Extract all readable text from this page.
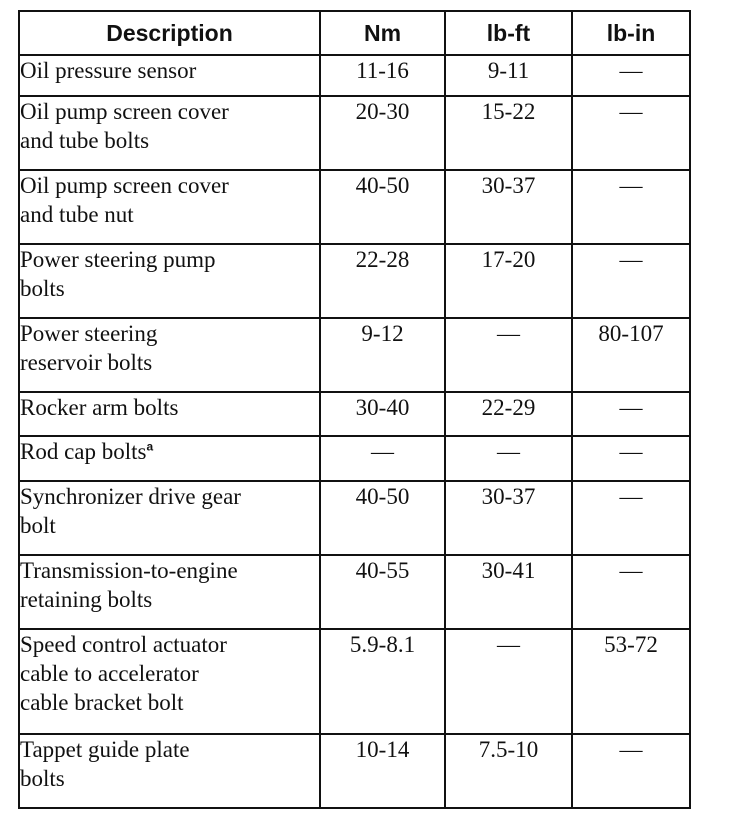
Description	Nm	lb-ft	lb-in

Oil pressure sensor	11-16	9-11	—

Oil pump screen cover
and tube bolts	20-30	15-22	—

Oil pump screen cover
and tube nut	40-50	30-37	—

Power steering pump
bolts	22-28	17-20	—

Power steering
reservoir bolts	9-12	—	80-107

Rocker arm bolts	30-40	22-29	—

Rod cap bolts$^a$	—	—	—

Synchronizer drive gear
bolt	40-50	30-37	—

Transmission-to-engine
retaining bolts	40-55	30-41	—

Speed control actuator
cable to accelerator
cable bracket bolt	5.9-8.1	—	53-72

Tappet guide plate
bolts	10-14	7.5-10	—
